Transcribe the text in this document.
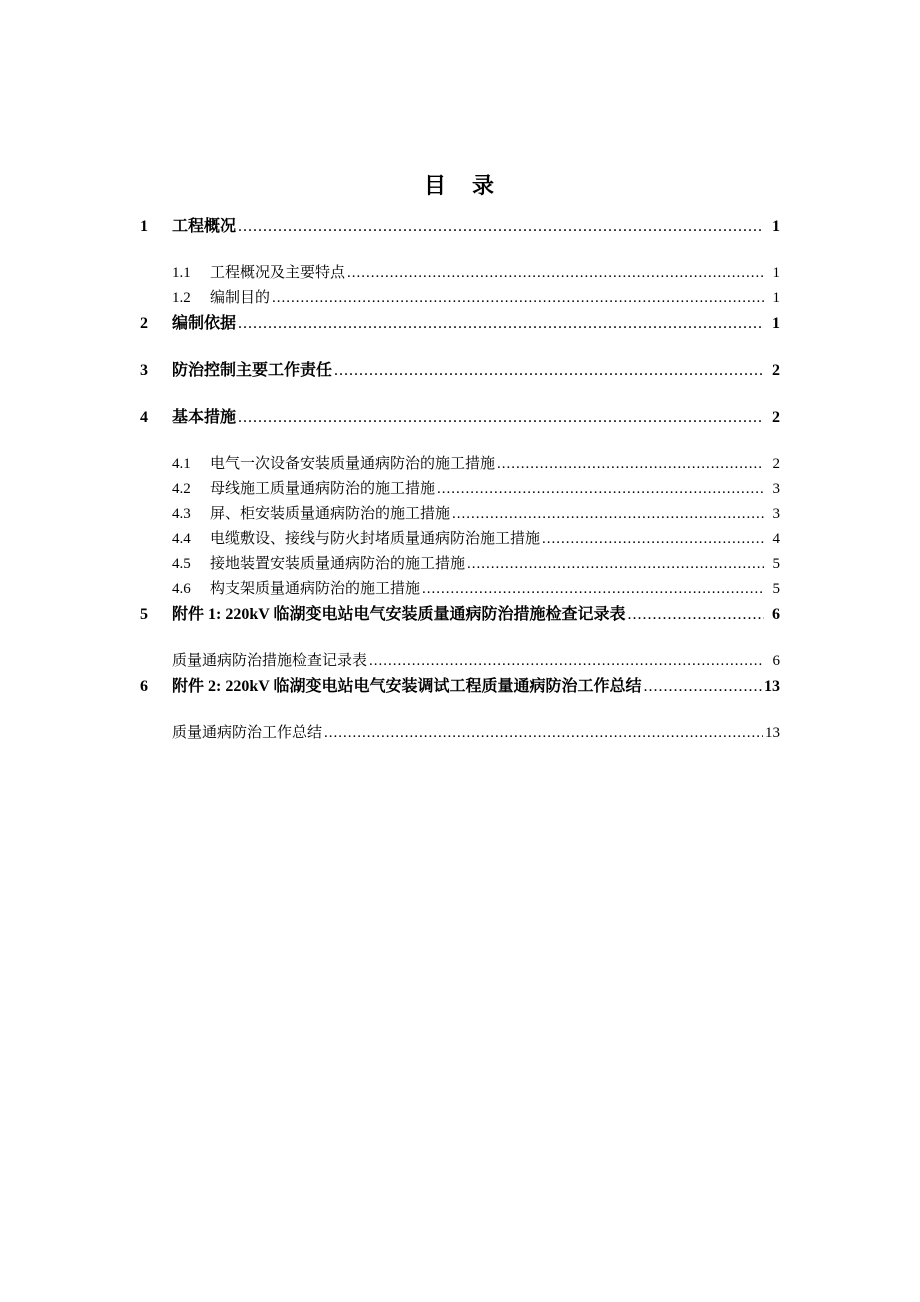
目　录
1	工程概况 .....	1
1.1	工程概况及主要特点 .....	1
1.2	编制目的 .....	1
2	编制依据 .....	1
3	防治控制主要工作责任 .....	2
4	基本措施 .....	2
4.1	电气一次设备安装质量通病防治的施工措施 .....	2
4.2	母线施工质量通病防治的施工措施 .....	3
4.3	屏、柜安装质量通病防治的施工措施 .....	3
4.4	电缆敷设、接线与防火封堵质量通病防治施工措施 .....	4
4.5	接地装置安装质量通病防治的施工措施 .....	5
4.6	构支架质量通病防治的施工措施 .....	5
5	附件 1: 220kV 临湖变电站电气安装质量通病防治措施检查记录表 .....	6
质量通病防治措施检查记录表 .....	6
6	附件 2: 220kV 临湖变电站电气安装调试工程质量通病防治工作总结 .....	13
质量通病防治工作总结 .....	13
